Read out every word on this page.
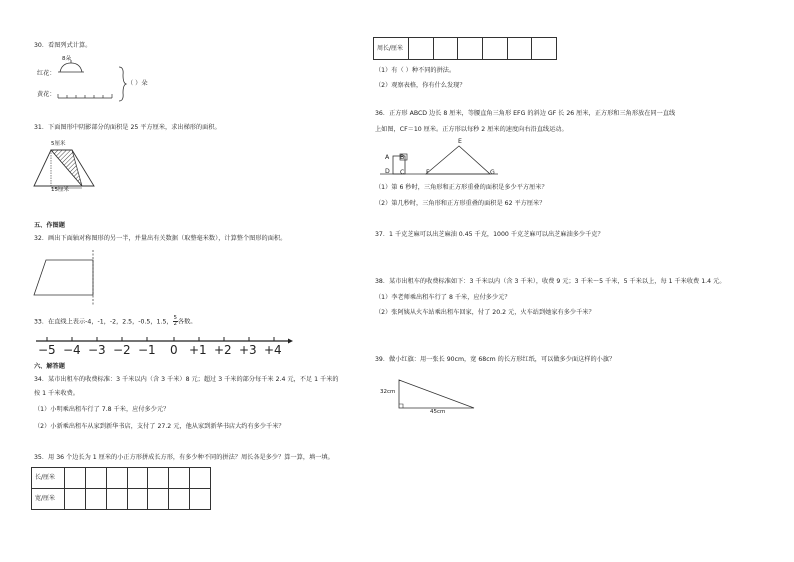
30．看图列式计算。
8朵
红花：
黄花：
（ ）朵
31．下面图形中阴影部分的面积是 25 平方厘米，求出梯形的面积。
5厘米
15厘米
五、作图题
32．画出下面轴对称图形的另一半，并量出有关数据（取整毫米数），计算整个图形的面积。
33．在直线上表示-4，-1，-2，2.5，-0.5，1.5， $\frac{5}{2}$ 各数。
−5 −4 −3 −2 −1 0 +1 +2 +3 +4
六、解答题
34．某市出租车的收费标准：3 千米以内（含 3 千米）8 元；超过 3 千米的部分每千米 2.4 元，不足 1 千米的
按 1 千米收费。
（1）小明乘出租车行了 7.8 千米，应付多少元？
（2）小新乘出租车从家到新华书店，支付了 27.2 元，他从家到新华书店大约有多少千米？
35．用 36 个边长为 1 厘米的小正方形拼成长方形，有多少种不同的拼法？周长各是多少？算一算，填一填。
长/厘米							
宽/厘米							
周长/厘米						
（1）有（ ）种不同的拼法。
（2）观察表格，你有什么发现？
36．正方形 ABCD 边长 8 厘米，等腰直角三角形 EFG 的斜边 GF 长 26 厘米，正方形和三角形放在同一直线
上如图，CF＝10 厘米。正方形以每秒 2 厘米的速度向右沿直线运动。
A B
D C
E
F	G
（1）第 6 秒时，三角形和正方形重叠的面积是多少平方厘米？
（2）第几秒时，三角形和正方形重叠的面积是 62 平方厘米？
37．1 千克芝麻可以出芝麻油 0.45 千克，1000 千克芝麻可以出芝麻油多少千克？
38．某市出租车的收费标准如下：3 千米以内（含 3 千米），收费 9 元；3 千米～5 千米，5 千米以上，每 1 千米收费 1.4 元。
（1）李老师乘出租车行了 8 千米，应付多少元？
（2）张阿姨从火车站乘出租车回家，付了 20.2 元，火车站到她家有多少千米？
39．做小红旗：用一张长 90cm，宽 68cm 的长方形红纸，可以做多少面这样的小旗？
32cm
45cm
